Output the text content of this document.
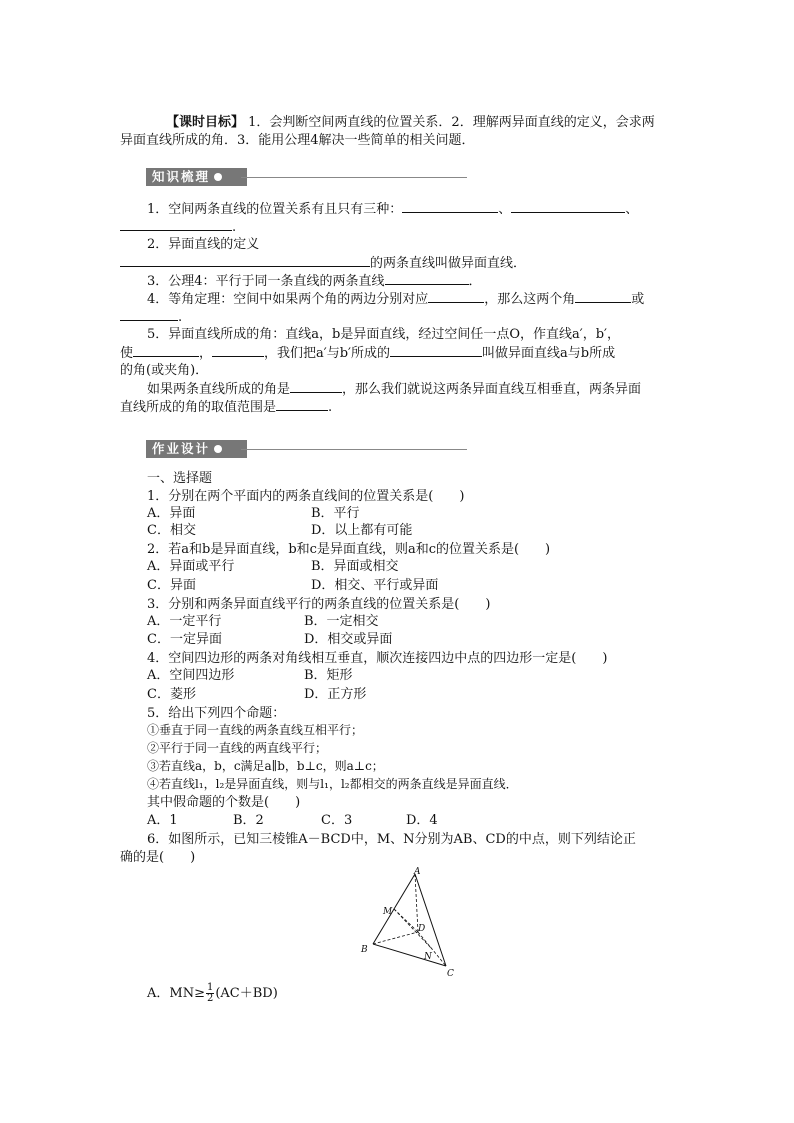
【课时目标】 1．会判断空间两直线的位置关系．2．理解两异面直线的定义，会求两
异面直线所成的角．3．能用公理4解决一些简单的相关问题．
知识梳理
1．空间两条直线的位置关系有且只有三种：	、	、
.
2．异面直线的定义
的两条直线叫做异面直线．
3．公理4：平行于同一条直线的两条直线	．
4．等角定理：空间中如果两个角的两边分别对应	，那么这两个角	或
.
5．异面直线所成的角：直线a，b是异面直线，经过空间任一点O，作直线a′，b′，
使	，	，我们把a′与b′所成的	叫做异面直线a与b所成
的角(或夹角)．
如果两条直线所成的角是	，那么我们就说这两条异面直线互相垂直，两条异面
直线所成的角的取值范围是	.
作业设计
一、选择题
1．分别在两个平面内的两条直线间的位置关系是(　　)
A．异面	B．平行
C．相交	D．以上都有可能
2．若a和b是异面直线，b和c是异面直线，则a和c的位置关系是(　　)
A．异面或平行	B．异面或相交
C．异面	D．相交、平行或异面
3．分别和两条异面直线平行的两条直线的位置关系是(　　)
A．一定平行	B．一定相交
C．一定异面	D．相交或异面
4．空间四边形的两条对角线相互垂直，顺次连接四边中点的四边形一定是(　　)
A．空间四边形	B．矩形
C．菱形	D．正方形
5．给出下列四个命题：
①垂直于同一直线的两条直线互相平行；
②平行于同一直线的两直线平行；
③若直线a，b，c满足a∥b，b⊥c，则a⊥c；
④若直线l₁，l₂是异面直线，则与l₁，l₂都相交的两条直线是异面直线．
其中假命题的个数是(　　)
A．1	B．2	C．3	D．4
6．如图所示，已知三棱锥A－BCD中，M、N分别为AB、CD的中点，则下列结论正
确的是(　　)
A
B
C
D
M
N
A．$MN\ge \frac{1}{2} (AC+BD)$
